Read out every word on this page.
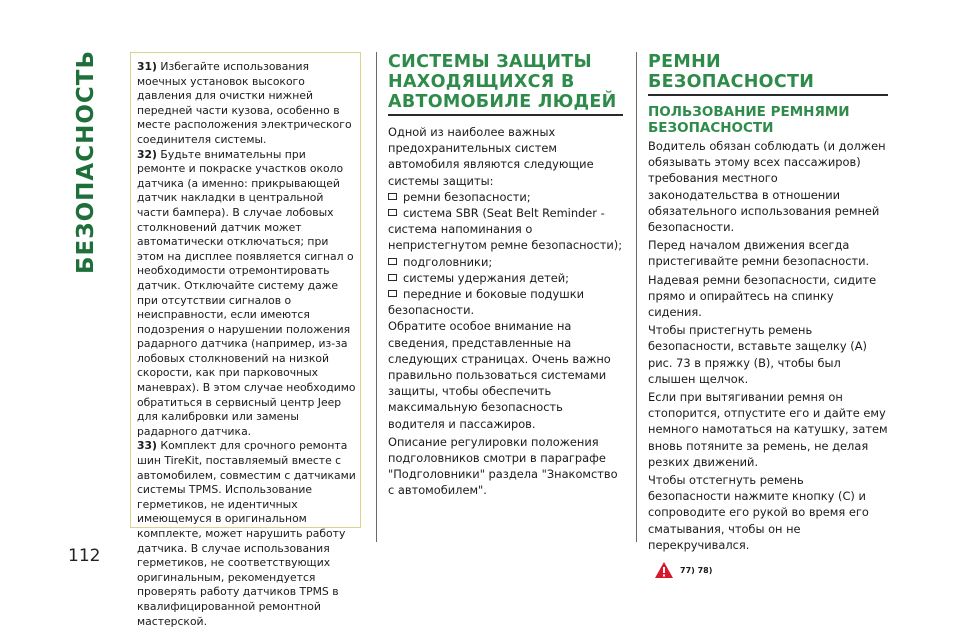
БЕЗОПАСНОСТЬ	31) Избегайте использования моечных установок высокого давления для очистки нижней передней части кузова, особенно в месте расположения электрического соединителя системы.

32) Будьте внимательны при ремонте и покраске участков около датчика (а именно: прикрывающей датчик накладки в центральной части бампера). В случае лобовых столкновений датчик может автоматически отключаться; при этом на дисплее появляется сигнал о необходимости отремонтировать датчик. Отключайте систему даже при отсутствии сигналов о неисправности, если имеются подозрения о нарушении положения радарного датчика (например, из-за лобовых столкновений на низкой скорости, как при парковочных маневрах). В этом случае необходимо обратиться в сервисный центр Jeep для калибровки или замены радарного датчика.

33) Комплект для срочного ремонта шин TireKit, поставляемый вместе с автомобилем, совместим с датчиками системы TPMS. Использование герметиков, не идентичных имеющемуся в оригинальном комплекте, может нарушить работу датчика. В случае использования герметиков, не соответствующих оригинальным, рекомендуется проверять работу датчиков TPMS в квалифицированной ремонтной мастерской.

СИСТЕМЫ ЗАЩИТЫ НАХОДЯЩИХСЯ В АВТОМОБИЛЕ ЛЮДЕЙ

Одной из наиболее важных предохранительных систем автомобиля являются следующие системы защиты:

ремни безопасности;
система SBR (Seat Belt Reminder - система напоминания о непристегнутом ремне безопасности);
подголовники;
системы удержания детей;
передние и боковые подушки безопасности.

Обратите особое внимание на сведения, представленные на следующих страницах. Очень важно правильно пользоваться системами защиты, чтобы обеспечить максимальную безопасность водителя и пассажиров.

Описание регулировки положения подголовников смотри в параграфе "Подголовники" раздела "Знакомство с автомобилем".

РЕМНИ БЕЗОПАСНОСТИ
ПОЛЬЗОВАНИЕ РЕМНЯМИ БЕЗОПАСНОСТИ

Водитель обязан соблюдать (и должен обязывать этому всех пассажиров) требования местного законодательства в отношении обязательного использования ремней безопасности.

Перед началом движения всегда пристегивайте ремни безопасности.

Надевая ремни безопасности, сидите прямо и опирайтесь на спинку сидения.

Чтобы пристегнуть ремень безопасности, вставьте защелку (A) рис. 73 в пряжку (B), чтобы был слышен щелчок.

Если при вытягивании ремня он стопорится, отпустите его и дайте ему немного намотаться на катушку, затем вновь потяните за ремень, не делая резких движений.

Чтобы отстегнуть ремень безопасности нажмите кнопку (C) и сопроводите его рукой во время его сматывания, чтобы он не перекручивался.

77) 78)
112
